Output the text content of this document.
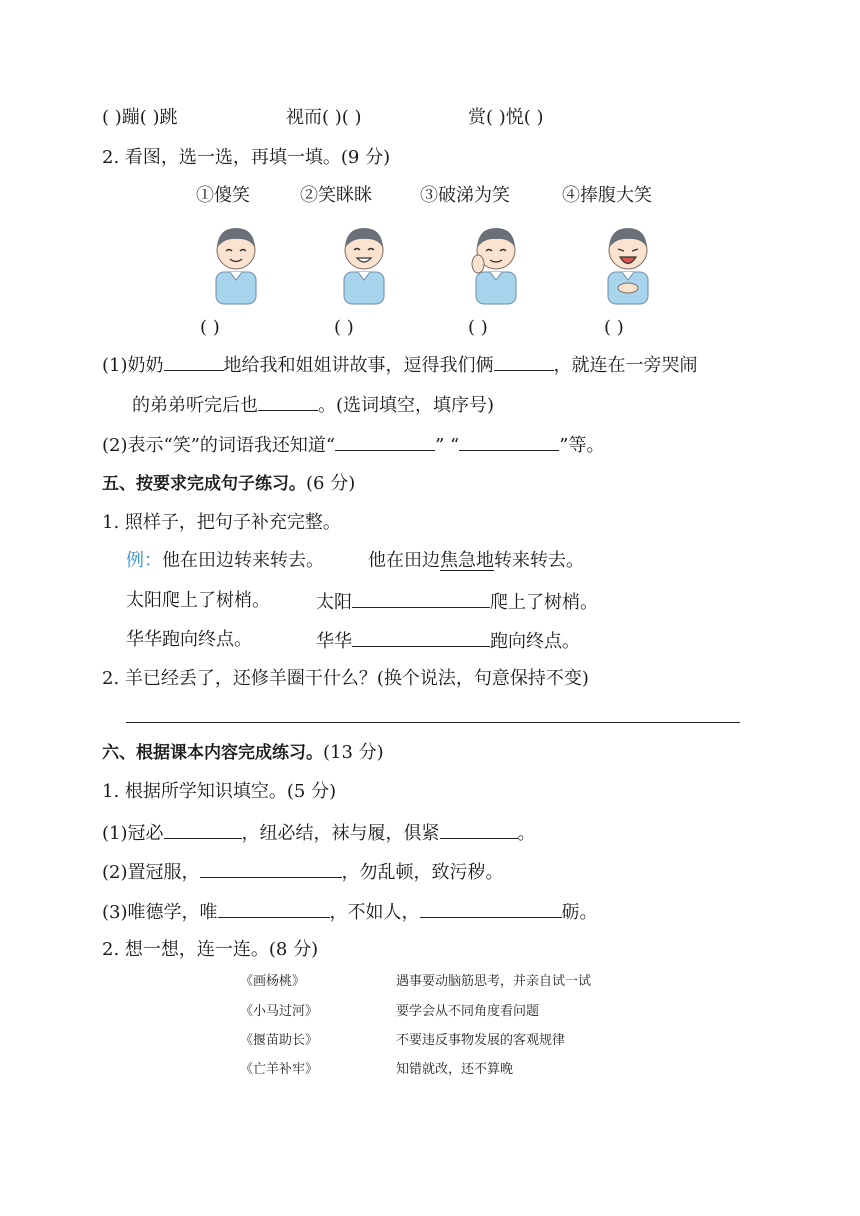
( )蹦( )跳	视而( )( )	赏( )悦( )
2. 看图，选一选，再填一填。(9 分)
①傻笑	②笑眯眯	③破涕为笑	④捧腹大笑
( )	( )	( )	( )
(1)奶奶	地给我和姐姐讲故事，逗得我们俩	，就连在一旁哭闹
的弟弟听完后也	。(选词填空，填序号)
(2)表示“笑”的词语我还知道“	” “	”等。
五、按要求完成句子练习。(6 分)
1. 照样子，把句子补充完整。
例：他在田边转来转去。 他在田边焦急地转来转去。
太阳爬上了树梢。	太阳	爬上了树梢。
华华跑向终点。	华华	跑向终点。
2. 羊已经丢了，还修羊圈干什么？(换个说法，句意保持不变)
六、根据课本内容完成练习。(13 分)
1. 根据所学知识填空。(5 分)
(1)冠必	，纽必结，袜与履，俱紧	。
(2)置冠服，	，勿乱顿，致污秽。
(3)唯德学，唯	，不如人，	砺。
2. 想一想，连一连。(8 分)
《画杨桃》
《小马过河》
《揠苗助长》
《亡羊补牢》
遇事要动脑筋思考，并亲自试一试
要学会从不同角度看问题
不要违反事物发展的客观规律
知错就改，还不算晚
